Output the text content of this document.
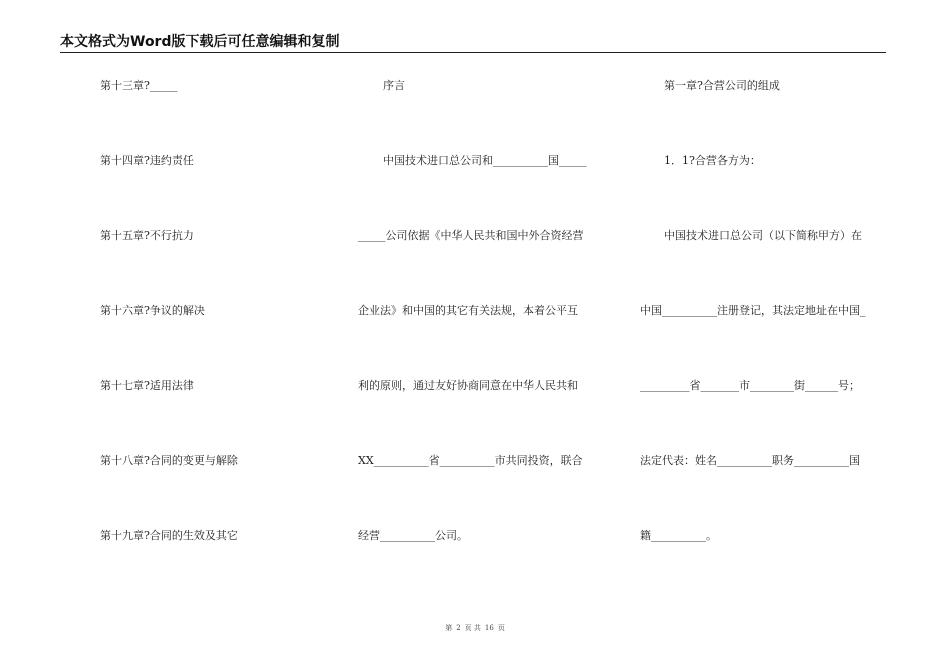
本文格式为Word版下载后可任意编辑和复制
第十三章?_____
第十四章?违约责任
第十五章?不行抗力
第十六章?争议的解决
第十七章?适用法律
第十八章?合同的变更与解除
第十九章?合同的生效及其它
序言
中国技术进口总公司和__________国_____
_____公司依据《中华人民共和国中外合资经营
企业法》和中国的其它有关法规，本着公平互
利的原则，通过友好协商同意在中华人民共和
XX__________省__________市共同投资，联合
经营__________公司。
第一章?合营公司的组成
1．1?合营各方为：
中国技术进口总公司（以下简称甲方）在
中国__________注册登记，其法定地址在中国_
_________省_______市________街______号；
法定代表：姓名__________职务__________国
籍__________。
第 2 页 共 16 页
